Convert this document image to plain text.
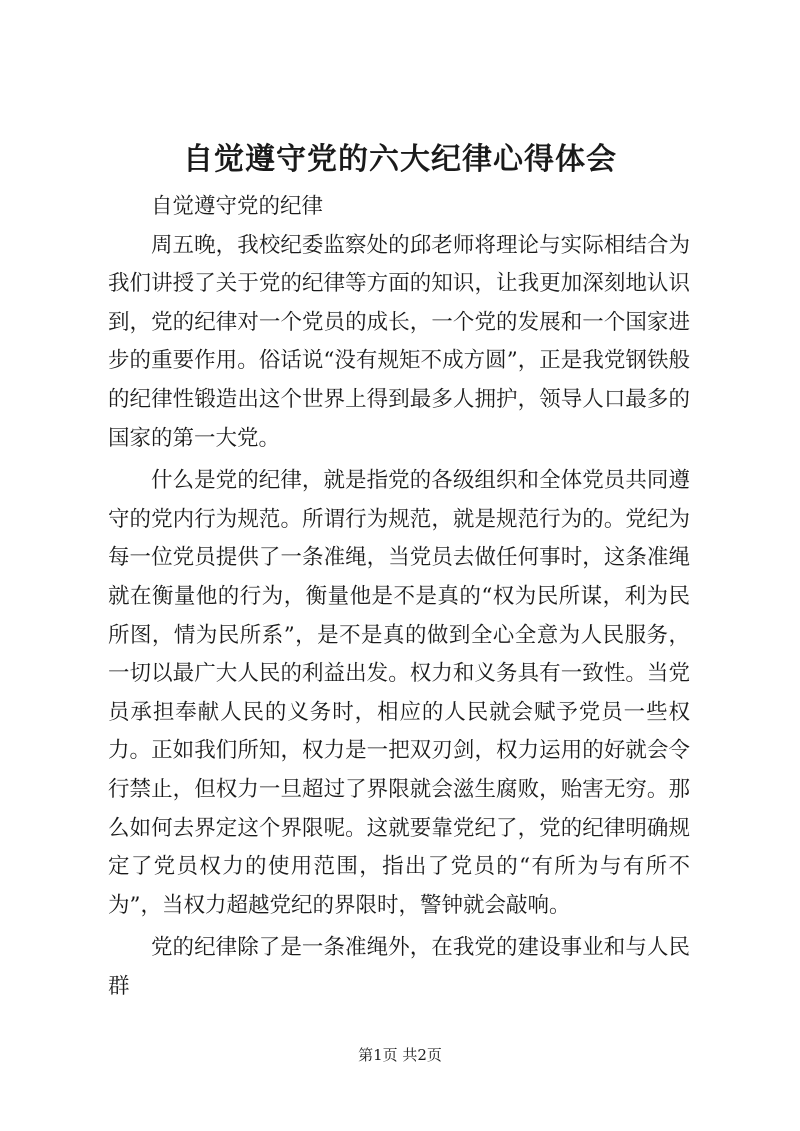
自觉遵守党的六大纪律心得体会

自觉遵守党的纪律

周五晚，我校纪委监察处的邱老师将理论与实际相结合为我们讲授了关于党的纪律等方面的知识，让我更加深刻地认识到，党的纪律对一个党员的成长，一个党的发展和一个国家进步的重要作用。俗话说“没有规矩不成方圆”，正是我党钢铁般的纪律性锻造出这个世界上得到最多人拥护，领导人口最多的国家的第一大党。

什么是党的纪律，就是指党的各级组织和全体党员共同遵守的党内行为规范。所谓行为规范，就是规范行为的。党纪为每一位党员提供了一条准绳，当党员去做任何事时，这条准绳就在衡量他的行为，衡量他是不是真的“权为民所谋，利为民所图，情为民所系”，是不是真的做到全心全意为人民服务，一切以最广大人民的利益出发。权力和义务具有一致性。当党员承担奉献人民的义务时，相应的人民就会赋予党员一些权力。正如我们所知，权力是一把双刃剑，权力运用的好就会令行禁止，但权力一旦超过了界限就会滋生腐败，贻害无穷。那么如何去界定这个界限呢。这就要靠党纪了，党的纪律明确规定了党员权力的使用范围，指出了党员的“有所为与有所不为”，当权力超越党纪的界限时，警钟就会敲响。

党的纪律除了是一条准绳外，在我党的建设事业和与人民群

第1页 共2页
